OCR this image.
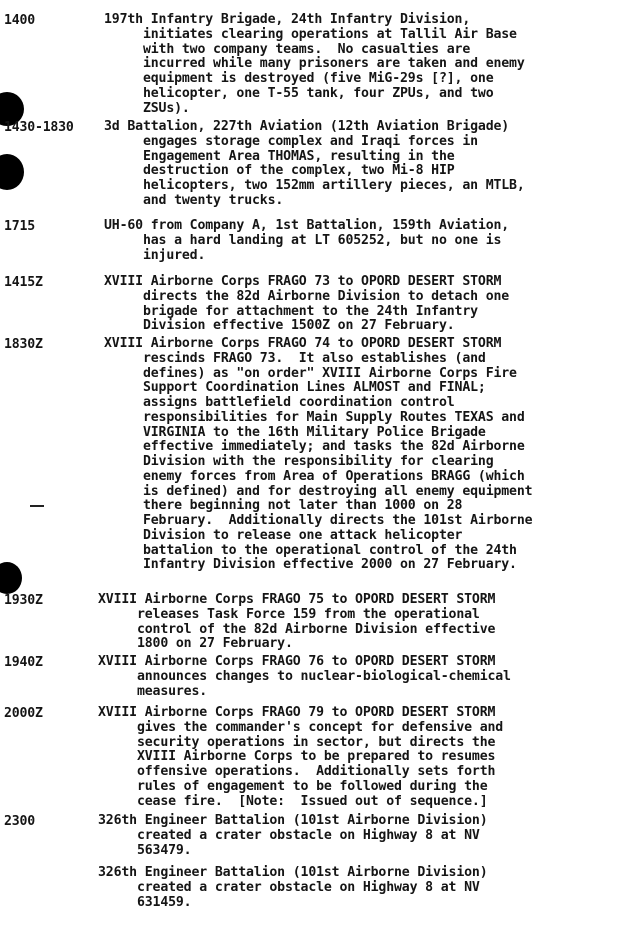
1400	197th Infantry Brigade, 24th Infantry Division,
initiates clearing operations at Tallil Air Base
with two company teams.  No casualties are
incurred while many prisoners are taken and enemy
equipment is destroyed (five MiG-29s [?], one
helicopter, one T-55 tank, four ZPUs, and two
ZSUs).
1430-1830 3d Battalion, 227th Aviation (12th Aviation Brigade)
engages storage complex and Iraqi forces in
Engagement Area THOMAS, resulting in the
destruction of the complex, two Mi-8 HIP
helicopters, two 152mm artillery pieces, an MTLB,
and twenty trucks.
1715	UH-60 from Company A, 1st Battalion, 159th Aviation,
has a hard landing at LT 605252, but no one is
injured.
1415Z	XVIII Airborne Corps FRAGO 73 to OPORD DESERT STORM
directs the 82d Airborne Division to detach one
brigade for attachment to the 24th Infantry
Division effective 1500Z on 27 February.
1830Z	XVIII Airborne Corps FRAGO 74 to OPORD DESERT STORM
rescinds FRAGO 73.  It also establishes (and
defines) as "on order" XVIII Airborne Corps Fire
Support Coordination Lines ALMOST and FINAL;
assigns battlefield coordination control
responsibilities for Main Supply Routes TEXAS and
VIRGINIA to the 16th Military Police Brigade
effective immediately; and tasks the 82d Airborne
Division with the responsibility for clearing
enemy forces from Area of Operations BRAGG (which
is defined) and for destroying all enemy equipment
there beginning not later than 1000 on 28
February.  Additionally directs the 101st Airborne
Division to release one attack helicopter
battalion to the operational control of the 24th
Infantry Division effective 2000 on 27 February.
1930Z	XVIII Airborne Corps FRAGO 75 to OPORD DESERT STORM
releases Task Force 159 from the operational
control of the 82d Airborne Division effective
1800 on 27 February.
1940Z	XVIII Airborne Corps FRAGO 76 to OPORD DESERT STORM
announces changes to nuclear-biological-chemical
measures.
2000Z	XVIII Airborne Corps FRAGO 79 to OPORD DESERT STORM
gives the commander's concept for defensive and
security operations in sector, but directs the
XVIII Airborne Corps to be prepared to resumes
offensive operations.  Additionally sets forth
rules of engagement to be followed during the
cease fire.  [Note:  Issued out of sequence.]
2300	326th Engineer Battalion (101st Airborne Division)
created a crater obstacle on Highway 8 at NV
563479.
326th Engineer Battalion (101st Airborne Division)
created a crater obstacle on Highway 8 at NV
631459.
